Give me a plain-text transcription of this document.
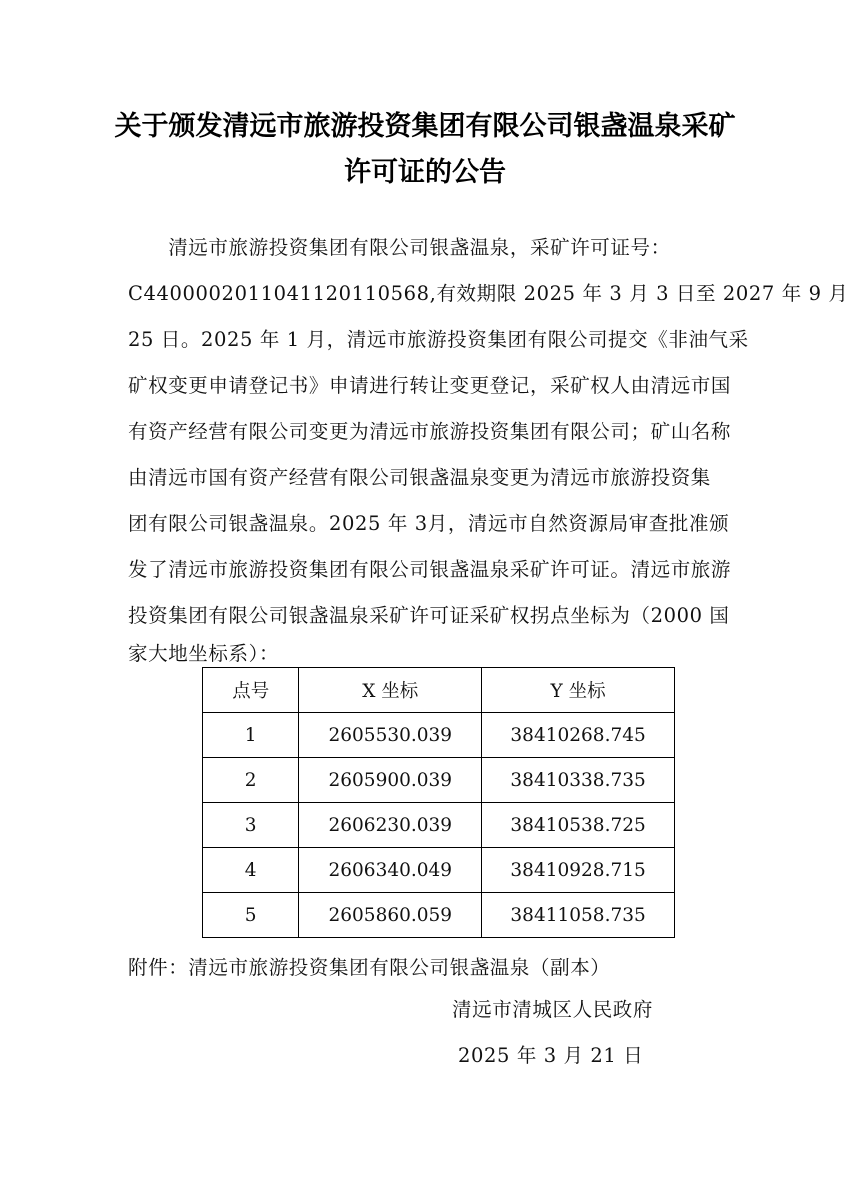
关于颁发清远市旅游投资集团有限公司银盏温泉采矿
许可证的公告
　　清远市旅游投资集团有限公司银盏温泉，采矿许可证号：
C4400002011041120110568,有效期限 2025 年 3 月 3 日至 2027 年 9 月
25 日。2025 年 1 月，清远市旅游投资集团有限公司提交《非油气采
矿权变更申请登记书》申请进行转让变更登记，采矿权人由清远市国
有资产经营有限公司变更为清远市旅游投资集团有限公司；矿山名称
由清远市国有资产经营有限公司银盏温泉变更为清远市旅游投资集
团有限公司银盏温泉。2025 年 3月，清远市自然资源局审查批准颁
发了清远市旅游投资集团有限公司银盏温泉采矿许可证。清远市旅游
投资集团有限公司银盏温泉采矿许可证采矿权拐点坐标为（2000 国
家大地坐标系）：
点号	X 坐标	Y 坐标
1	2605530.039	38410268.745
2	2605900.039	38410338.735
3	2606230.039	38410538.725
4	2606340.049	38410928.715
5	2605860.059	38411058.735
附件：清远市旅游投资集团有限公司银盏温泉（副本）
清远市清城区人民政府
2025 年 3 月 21 日
